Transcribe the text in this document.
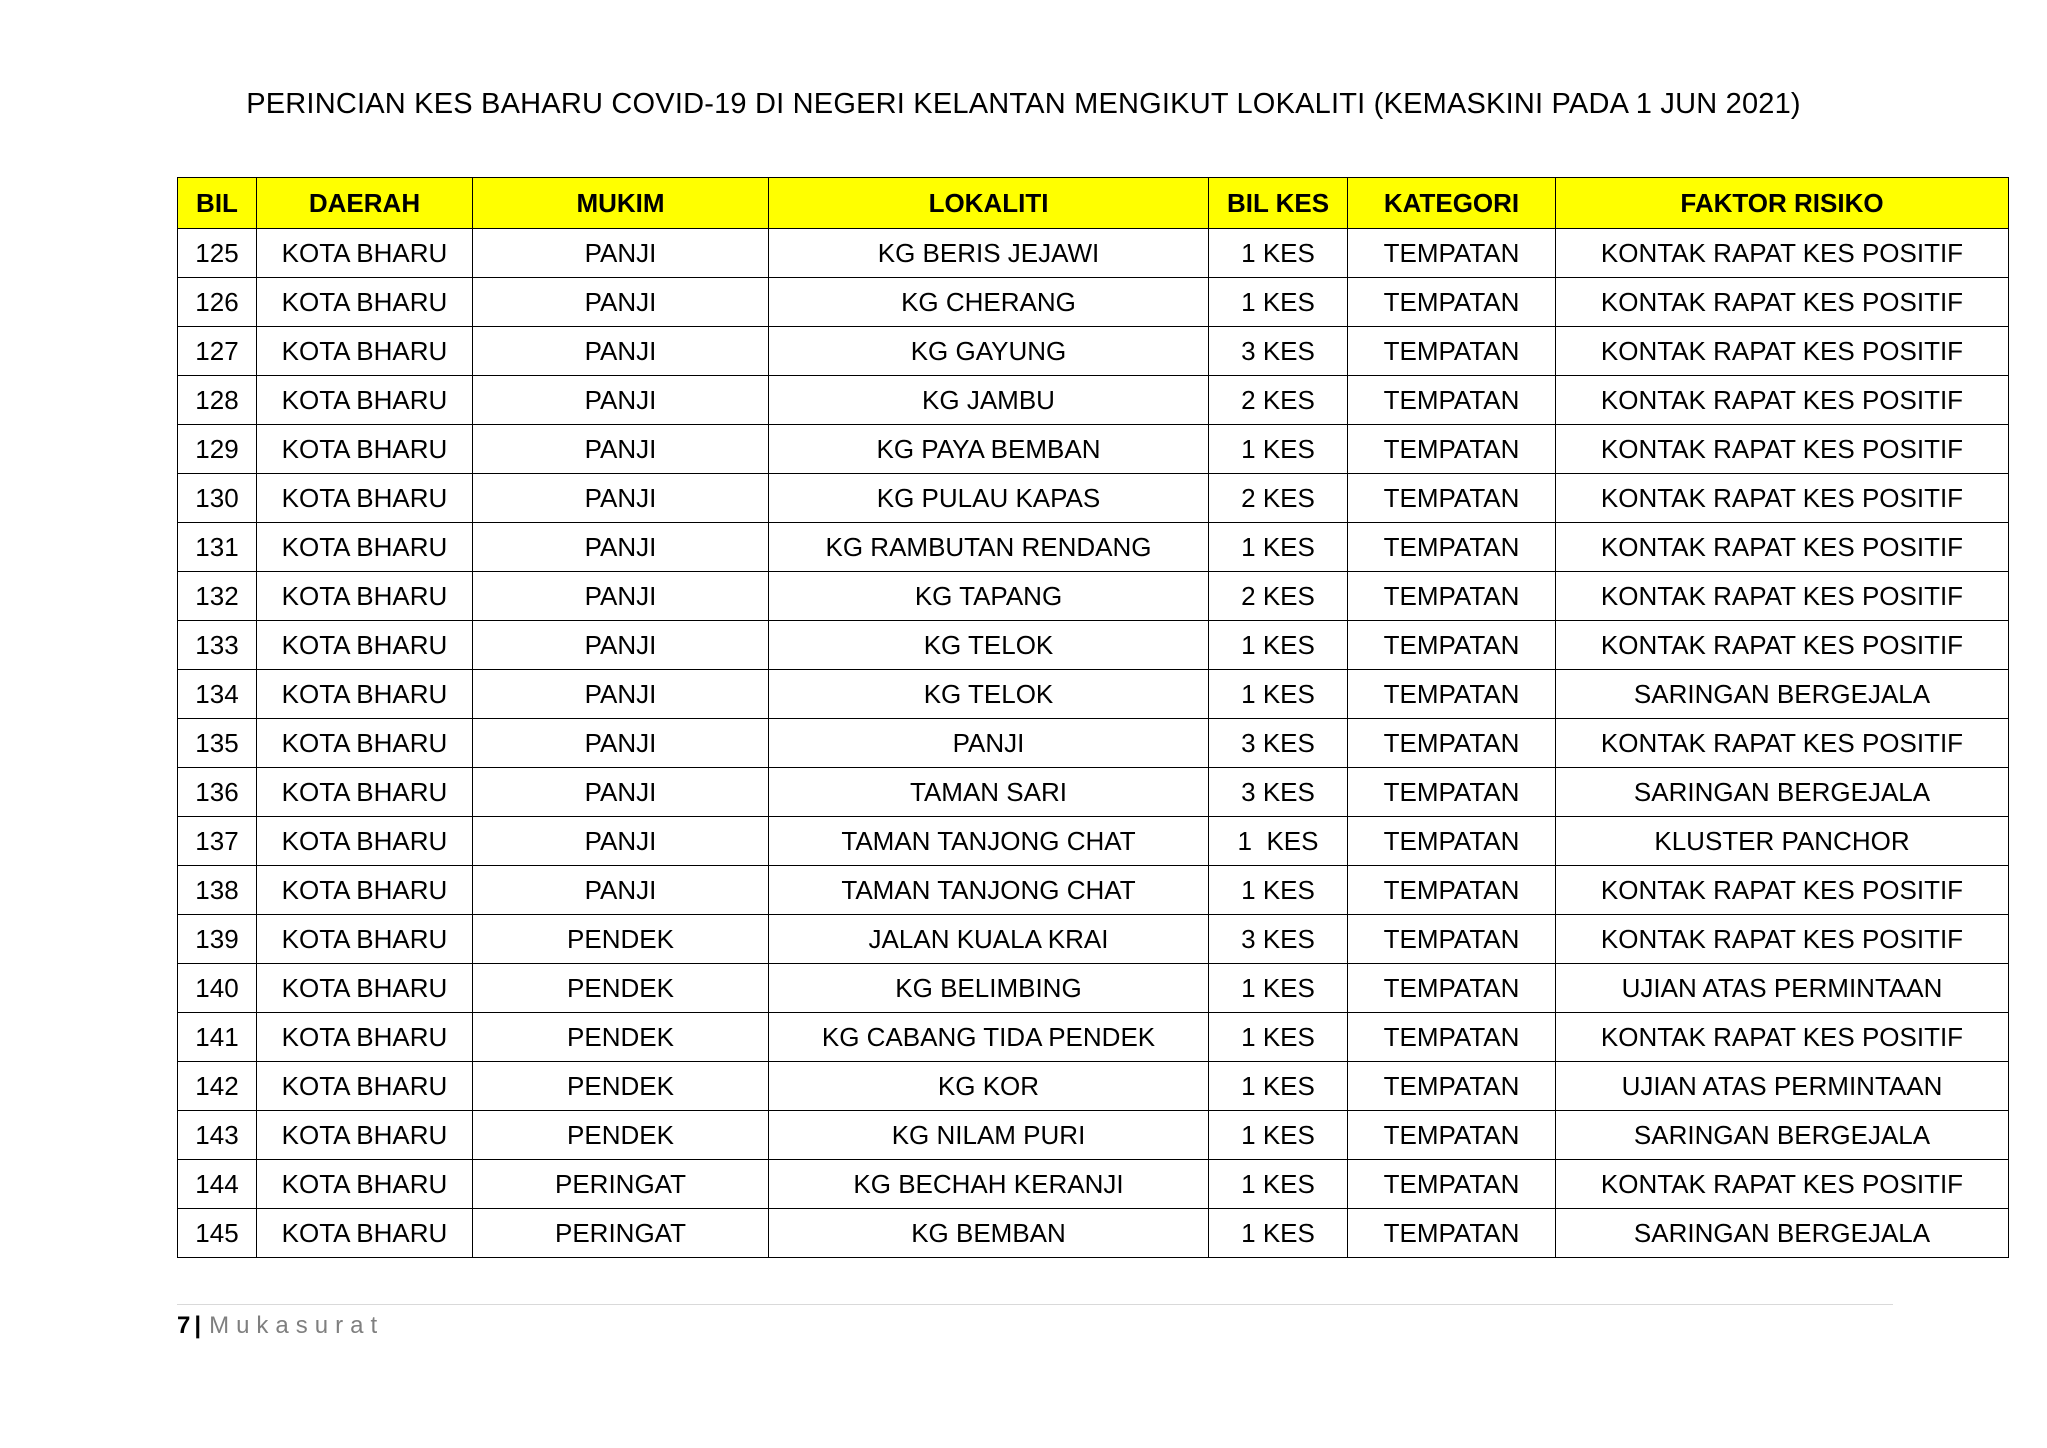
PERINCIAN KES BAHARU COVID-19 DI NEGERI KELANTAN MENGIKUT LOKALITI (KEMASKINI PADA 1 JUN 2021)
BIL	DAERAH	MUKIM	LOKALITI	BIL KES	KATEGORI	FAKTOR RISIKO
125	KOTA BHARU	PANJI	KG BERIS JEJAWI	1 KES	TEMPATAN	KONTAK RAPAT KES POSITIF
126	KOTA BHARU	PANJI	KG CHERANG	1 KES	TEMPATAN	KONTAK RAPAT KES POSITIF
127	KOTA BHARU	PANJI	KG GAYUNG	3 KES	TEMPATAN	KONTAK RAPAT KES POSITIF
128	KOTA BHARU	PANJI	KG JAMBU	2 KES	TEMPATAN	KONTAK RAPAT KES POSITIF
129	KOTA BHARU	PANJI	KG PAYA BEMBAN	1 KES	TEMPATAN	KONTAK RAPAT KES POSITIF
130	KOTA BHARU	PANJI	KG PULAU KAPAS	2 KES	TEMPATAN	KONTAK RAPAT KES POSITIF
131	KOTA BHARU	PANJI	KG RAMBUTAN RENDANG	1 KES	TEMPATAN	KONTAK RAPAT KES POSITIF
132	KOTA BHARU	PANJI	KG TAPANG	2 KES	TEMPATAN	KONTAK RAPAT KES POSITIF
133	KOTA BHARU	PANJI	KG TELOK	1 KES	TEMPATAN	KONTAK RAPAT KES POSITIF
134	KOTA BHARU	PANJI	KG TELOK	1 KES	TEMPATAN	SARINGAN BERGEJALA
135	KOTA BHARU	PANJI	PANJI	3 KES	TEMPATAN	KONTAK RAPAT KES POSITIF
136	KOTA BHARU	PANJI	TAMAN SARI	3 KES	TEMPATAN	SARINGAN BERGEJALA
137	KOTA BHARU	PANJI	TAMAN TANJONG CHAT	1  KES	TEMPATAN	KLUSTER PANCHOR
138	KOTA BHARU	PANJI	TAMAN TANJONG CHAT	1 KES	TEMPATAN	KONTAK RAPAT KES POSITIF
139	KOTA BHARU	PENDEK	JALAN KUALA KRAI	3 KES	TEMPATAN	KONTAK RAPAT KES POSITIF
140	KOTA BHARU	PENDEK	KG BELIMBING	1 KES	TEMPATAN	UJIAN ATAS PERMINTAAN
141	KOTA BHARU	PENDEK	KG CABANG TIDA PENDEK	1 KES	TEMPATAN	KONTAK RAPAT KES POSITIF
142	KOTA BHARU	PENDEK	KG KOR	1 KES	TEMPATAN	UJIAN ATAS PERMINTAAN
143	KOTA BHARU	PENDEK	KG NILAM PURI	1 KES	TEMPATAN	SARINGAN BERGEJALA
144	KOTA BHARU	PERINGAT	KG BECHAH KERANJI	1 KES	TEMPATAN	KONTAK RAPAT KES POSITIF
145	KOTA BHARU	PERINGAT	KG BEMBAN	1 KES	TEMPATAN	SARINGAN BERGEJALA
7 | Mukasurat
